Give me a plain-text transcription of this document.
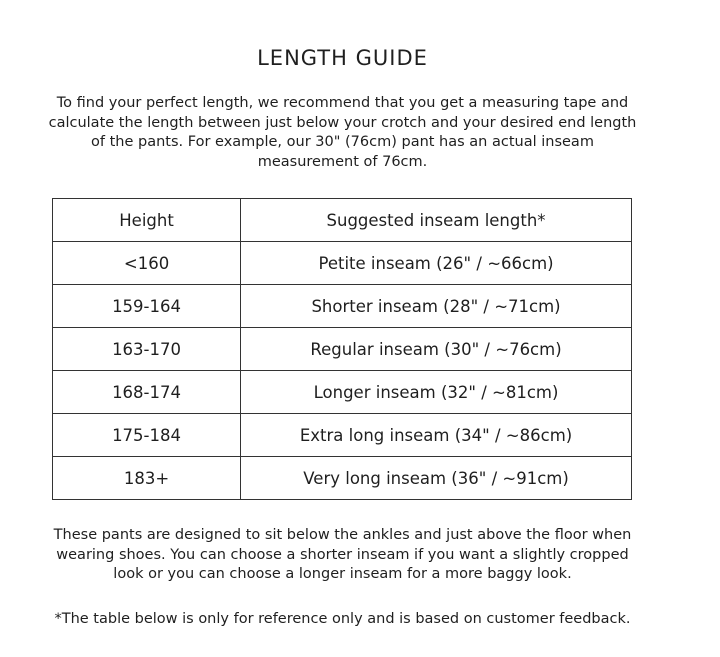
LENGTH GUIDE

To find your perfect length, we recommend that you get a measuring tape and calculate the length between just below your crotch and your desired end length of the pants. For example, our 30" (76cm) pant has an actual inseam measurement of 76cm.

Height	Suggested inseam length*
<160	Petite inseam (26" / ~66cm)
159-164	Shorter inseam (28" / ~71cm)
163-170	Regular inseam (30" / ~76cm)
168-174	Longer inseam (32" / ~81cm)
175-184	Extra long inseam (34" / ~86cm)
183+	Very long inseam (36" / ~91cm)

These pants are designed to sit below the ankles and just above the floor when wearing shoes. You can choose a shorter inseam if you want a slightly cropped look or you can choose a longer inseam for a more baggy look.

*The table below is only for reference only and is based on customer feedback.
